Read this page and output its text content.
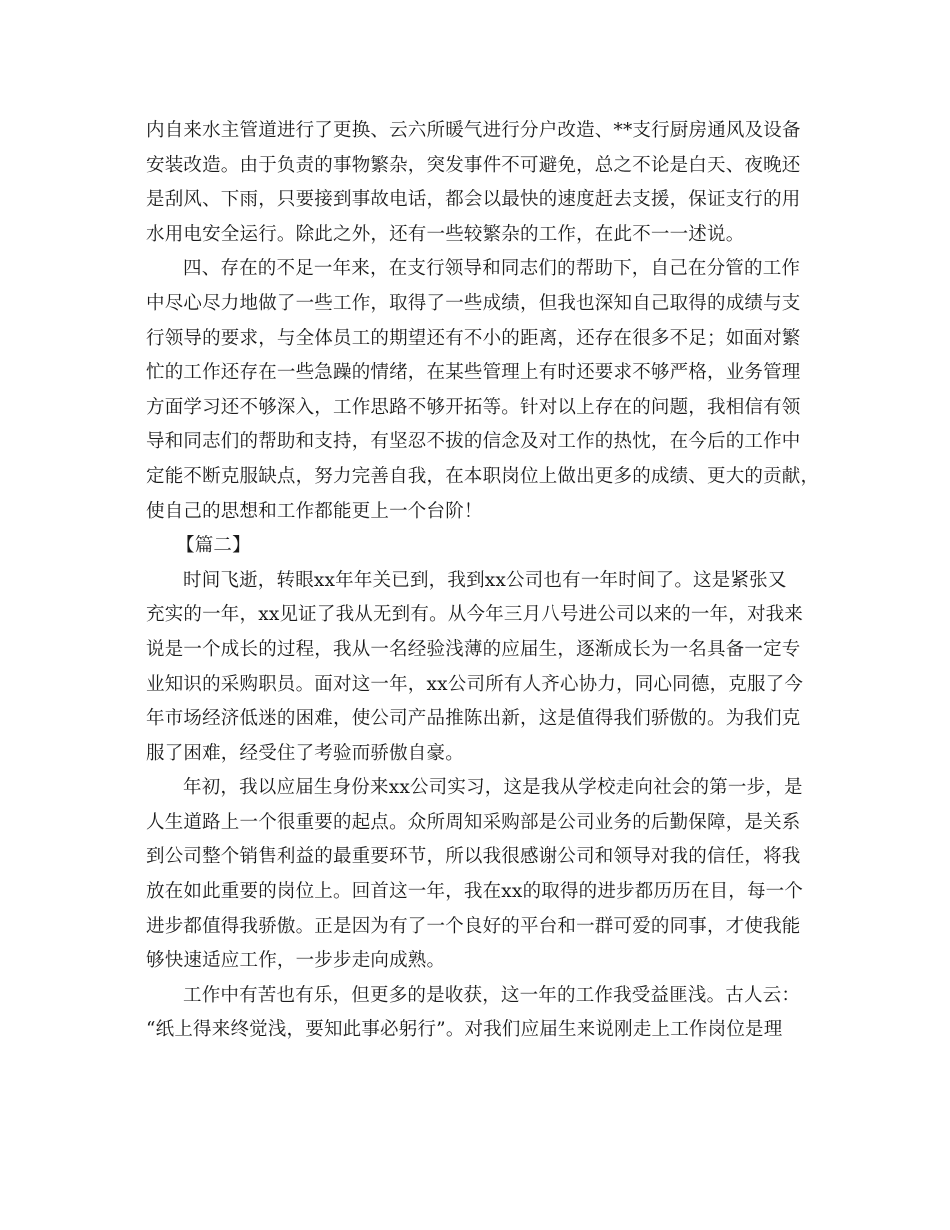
内自来水主管道进行了更换、云六所暖气进行分户改造、**支行厨房通风及设备
安装改造。由于负责的事物繁杂，突发事件不可避免，总之不论是白天、夜晚还
是刮风、下雨，只要接到事故电话，都会以最快的速度赶去支援，保证支行的用
水用电安全运行。除此之外，还有一些较繁杂的工作，在此不一一述说。
四、存在的不足一年来，在支行领导和同志们的帮助下，自己在分管的工作
中尽心尽力地做了一些工作，取得了一些成绩，但我也深知自己取得的成绩与支
行领导的要求，与全体员工的期望还有不小的距离，还存在很多不足；如面对繁
忙的工作还存在一些急躁的情绪，在某些管理上有时还要求不够严格，业务管理
方面学习还不够深入，工作思路不够开拓等。针对以上存在的问题，我相信有领
导和同志们的帮助和支持，有坚忍不拔的信念及对工作的热忱，在今后的工作中
定能不断克服缺点，努力完善自我，在本职岗位上做出更多的成绩、更大的贡献，
使自己的思想和工作都能更上一个台阶！
【篇二】
时间飞逝，转眼xx年年关已到，我到xx公司也有一年时间了。这是紧张又
充实的一年，xx见证了我从无到有。从今年三月八号进公司以来的一年，对我来
说是一个成长的过程，我从一名经验浅薄的应届生，逐渐成长为一名具备一定专
业知识的采购职员。面对这一年，xx公司所有人齐心协力，同心同德，克服了今
年市场经济低迷的困难，使公司产品推陈出新，这是值得我们骄傲的。为我们克
服了困难，经受住了考验而骄傲自豪。
年初，我以应届生身份来xx公司实习，这是我从学校走向社会的第一步，是
人生道路上一个很重要的起点。众所周知采购部是公司业务的后勤保障，是关系
到公司整个销售利益的最重要环节，所以我很感谢公司和领导对我的信任，将我
放在如此重要的岗位上。回首这一年，我在xx的取得的进步都历历在目，每一个
进步都值得我骄傲。正是因为有了一个良好的平台和一群可爱的同事，才使我能
够快速适应工作，一步步走向成熟。
工作中有苦也有乐，但更多的是收获，这一年的工作我受益匪浅。古人云：
“纸上得来终觉浅，要知此事必躬行”。对我们应届生来说刚走上工作岗位是理
